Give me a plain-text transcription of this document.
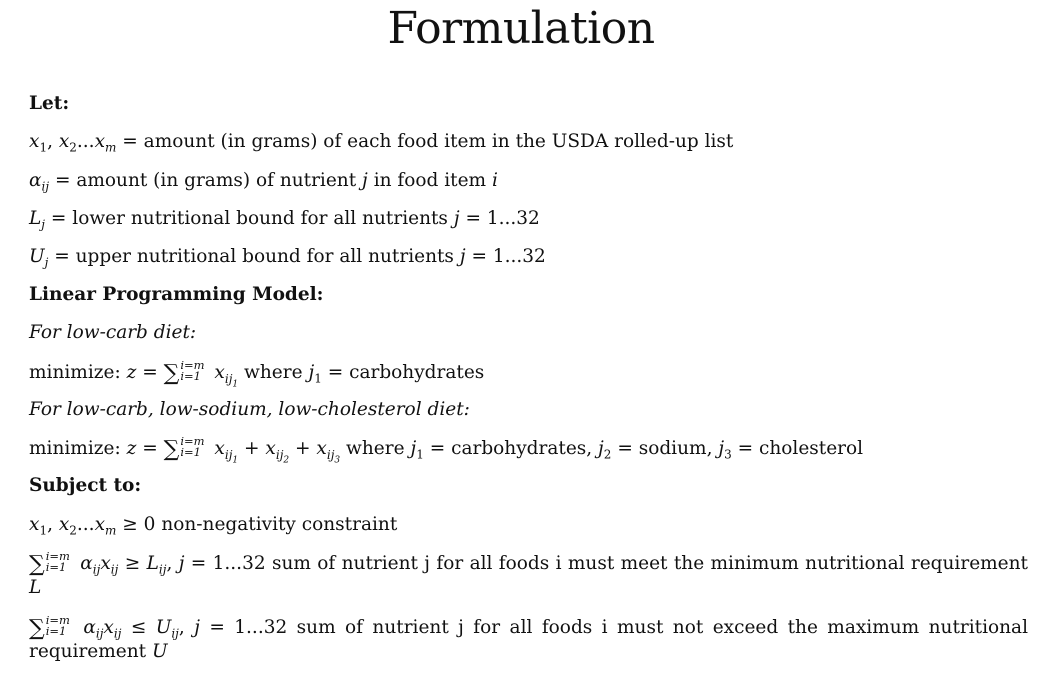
Formulation
Let:
$x_1$, $x_2...x_m$ = amount (in grams) of each food item in the USDA rolled-up list
$\alpha_{ij}$ = amount (in grams) of nutrient j in food item i
$L_j$ = lower nutritional bound for all nutrients j = 1...32
$U_j$ = upper nutritional bound for all nutrients j = 1...32
Linear Programming Model:
For low-carb diet:
minimize: z = ∑ i=m
i=1 $x_{ij_1}$ where $j_1$ = carbohydrates
For low-carb, low-sodium, low-cholesterol diet:
minimize: z = ∑ i=m
i=1 $x_{ij_1} + x_{ij_2} + x_{ij_3}$ where $j_1$ = carbohydrates, $j_2$ = sodium, $j_3$ = cholesterol
Subject to:
$x_1$, $x_2...x_m \ge 0$ non-negativity constraint
∑ i=m
i=1 $\alpha_{ij}x_{ij} \ge L_{ij}$, j = 1...32 sum of nutrient j for all foods i must meet the minimum nutritional requirement L
∑ i=m
i=1 $\alpha_{ij}x_{ij} \le U_{ij}$, j = 1...32 sum of nutrient j for all foods i must not exceed the maximum nutritional requirement U
